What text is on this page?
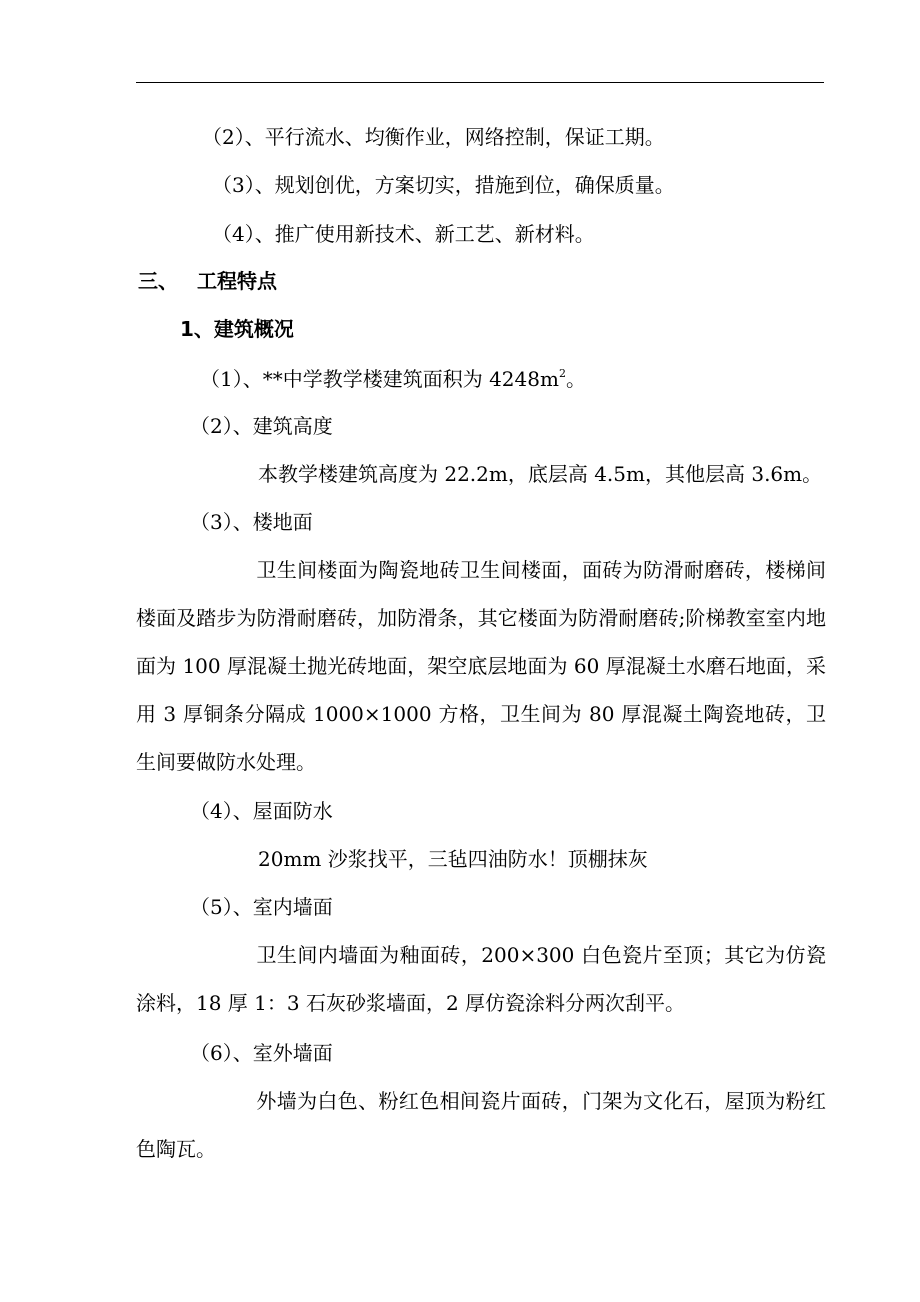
（2）、平行流水、均衡作业，网络控制，保证工期。
（3）、规划创优，方案切实，措施到位，确保质量。
（4）、推广使用新技术、新工艺、新材料。
三、 工程特点
1、建筑概况
（1）、**中学教学楼建筑面积为 $4248m^2$。
（2）、建筑高度
本教学楼建筑高度为 22.2m，底层高 4.5m，其他层高 3.6m。
（3）、楼地面
卫生间楼面为陶瓷地砖卫生间楼面，面砖为防滑耐磨砖，楼梯间楼面及踏步为防滑耐磨砖，加防滑条，其它楼面为防滑耐磨砖;阶梯教室室内地面为 100 厚混凝土抛光砖地面，架空底层地面为 60 厚混凝土水磨石地面，采用 3 厚铜条分隔成 1000×1000 方格，卫生间为 80 厚混凝土陶瓷地砖，卫生间要做防水处理。
（4）、屋面防水
20mm 沙浆找平，三毡四油防水！顶棚抹灰
（5）、室内墙面
卫生间内墙面为釉面砖，200×300 白色瓷片至顶；其它为仿瓷涂料，18 厚 1：3 石灰砂浆墙面，2 厚仿瓷涂料分两次刮平。
（6）、室外墙面
外墙为白色、粉红色相间瓷片面砖，门架为文化石，屋顶为粉红色陶瓦。
